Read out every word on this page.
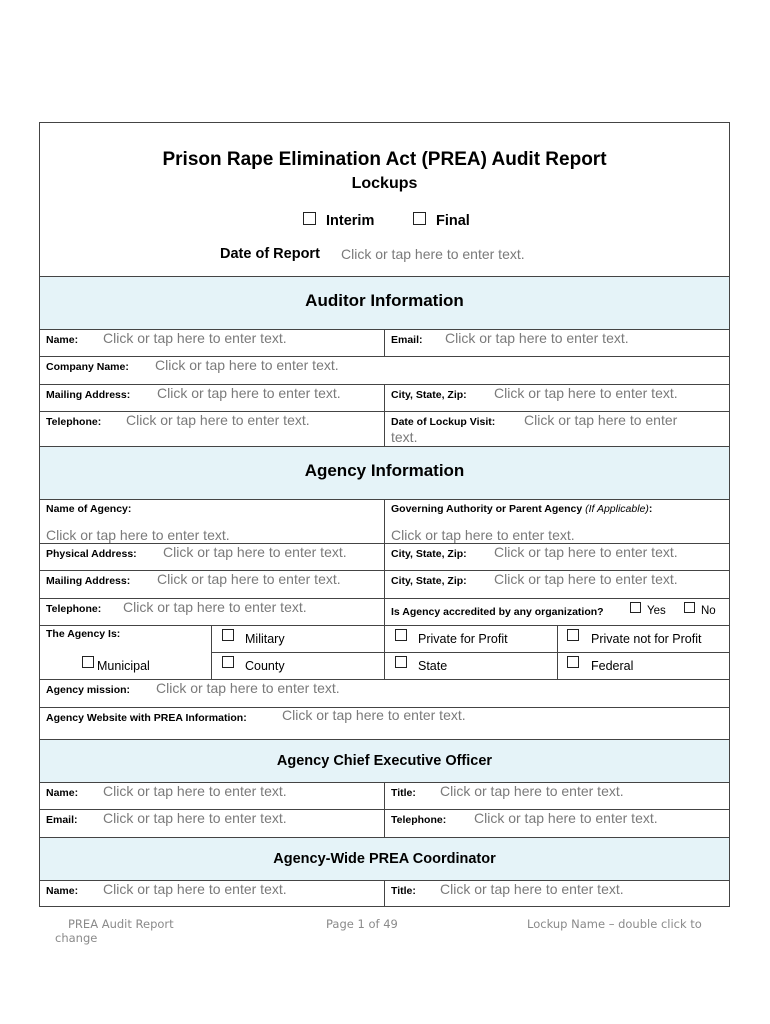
Prison Rape Elimination Act (PREA) Audit Report
Lockups
Interim	Final
Date of Report Click or tap here to enter text.
Auditor Information
Name: Click or tap here to enter text.	Email: Click or tap here to enter text.
Company Name: Click or tap here to enter text.
Mailing Address: Click or tap here to enter text.	City, State, Zip: Click or tap here to enter text.
Telephone: Click or tap here to enter text.	Date of Lockup Visit: Click or tap here to enter
text.
Agency Information
Name of Agency:
Click or tap here to enter text.
Governing Authority or Parent Agency (If Applicable):
Click or tap here to enter text.
Physical Address: Click or tap here to enter text.	City, State, Zip: Click or tap here to enter text.
Mailing Address: Click or tap here to enter text.	City, State, Zip: Click or tap here to enter text.
Telephone: Click or tap here to enter text.	Is Agency accredited by any organization?	Yes	No
The Agency Is:	Military	Private for Profit	Private not for Profit
Municipal	County	State	Federal
Agency mission: Click or tap here to enter text.
Agency Website with PREA Information:	Click or tap here to enter text.
Agency Chief Executive Officer
Name: Click or tap here to enter text.	Title: Click or tap here to enter text.
Email: Click or tap here to enter text.	Telephone: Click or tap here to enter text.
Agency-Wide PREA Coordinator
Name: Click or tap here to enter text.	Title: Click or tap here to enter text.
PREA Audit Report
change
Page 1 of 49	Lockup Name – double click to
